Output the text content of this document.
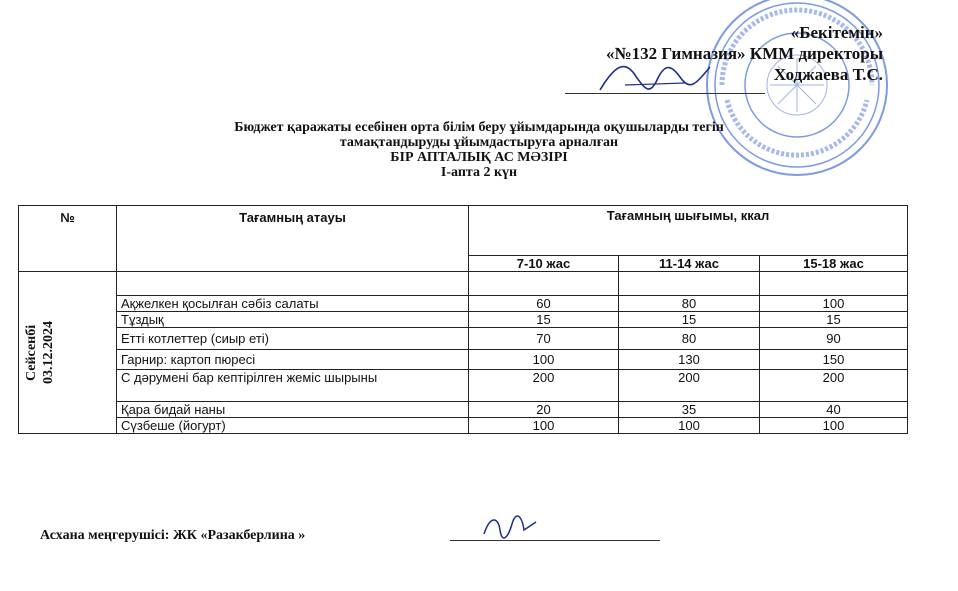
«Бекітемін»
«№132 Гимназия» КММ директоры
Ходжаева Т.С.
Бюджет қаражаты есебінен орта білім беру ұйымдарында оқушыларды тегін
тамақтандыруды ұйымдастыруға арналған
БІР АПТАЛЫҚ АС МӘЗІРІ
І-апта 2 күн
№	Тағамның атауы	Тағамның шығымы, ккал		
		7-10 жас	11-14 жас	15-18 жас

Сейсенбі 03.12.2024				

	Ақжелкен қосылған сәбіз салаты	60	80	100
	Тұздық	15	15	15
	Етті котлеттер (сиыр еті)	70	80	90
	Гарнир: картоп пюресі	100	130	150
	С дәрумені бар кептірілген жеміс шырыны	200	200	200
	Қара бидай наны	20	35	40
	Сүзбеше (йогурт)	100	100	100
Асхана меңгерушісі: ЖК «Разакберлина »
